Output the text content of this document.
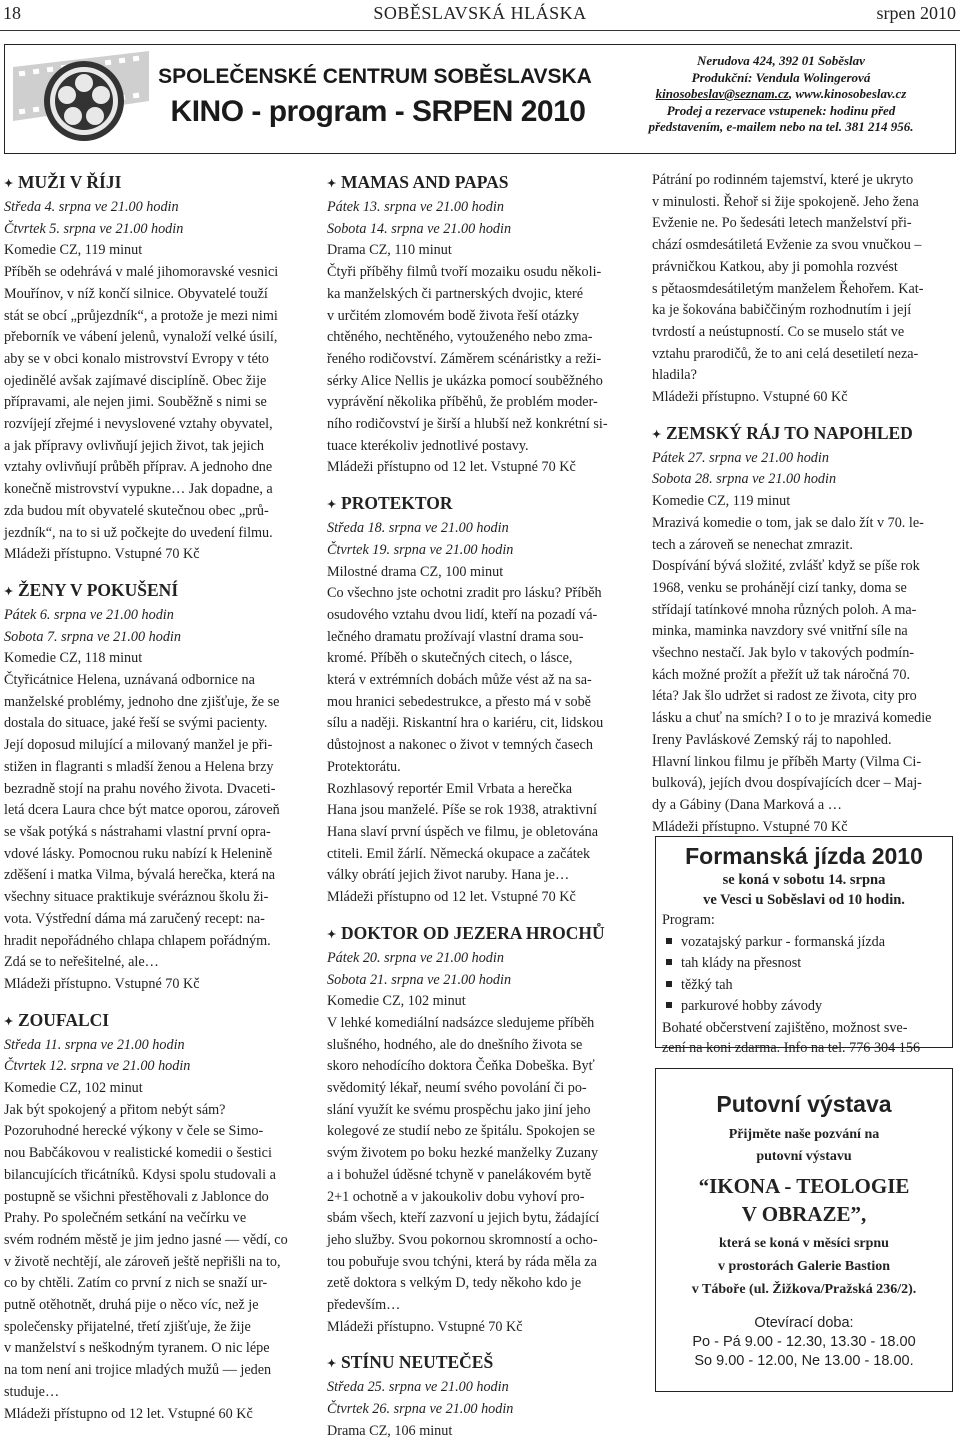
18	SOBĚSLAVSKÁ HLÁSKA	srpen 2010
SPOLEČENSKÉ CENTRUM SOBĚSLAVSKA
KINO - program - SRPEN 2010
Nerudova 424, 392 01 Soběslav
Produkční: Vendula Wolingerová
kinosobeslav@seznam.cz, www.kinosobeslav.cz
Prodej a rezervace vstupenek: hodinu před
představením, e-mailem nebo na tel. 381 214 956.
✦ MUŽI V ŘÍJI
Středa 4. srpna ve 21.00 hodin
Čtvrtek 5. srpna ve 21.00 hodin
Komedie CZ, 119 minut
Příběh se odehrává v malé jihomoravské vesnici
Mouřínov, v níž končí silnice. Obyvatelé touží
stát se obcí „průjezdník“, a protože je mezi nimi
přeborník ve vábení jelenů, vynaloží velké úsilí,
aby se v obci konalo mistrovství Evropy v této
ojedinělé avšak zajímavé disciplíně. Obec žije
přípravami, ale nejen jimi. Souběžně s nimi se
rozvíjejí zřejmé i nevyslovené vztahy obyvatel,
a jak přípravy ovlivňují jejich život, tak jejich
vztahy ovlivňují průběh příprav. A jednoho dne
konečně mistrovství vypukne… Jak dopadne, a
zda budou mít obyvatelé skutečnou obec „prů-
jezdník“, na to si už počkejte do uvedení filmu.
Mládeži přístupno. Vstupné 70 Kč
✦ ŽENY V POKUŠENÍ
Pátek 6. srpna ve 21.00 hodin
Sobota 7. srpna ve 21.00 hodin
Komedie CZ, 118 minut
Čtyřicátnice Helena, uznávaná odbornice na
manželské problémy, jednoho dne zjišťuje, že se
dostala do situace, jaké řeší se svými pacienty.
Její doposud milující a milovaný manžel je při-
stižen in flagranti s mladší ženou a Helena brzy
bezradně stojí na prahu nového života. Dvaceti-
letá dcera Laura chce být matce oporou, zároveň
se však potýká s nástrahami vlastní první opra-
vdové lásky. Pomocnou ruku nabízí k Helenině
zděšení i matka Vilma, bývalá herečka, která na
všechny situace praktikuje svéráznou školu ži-
vota. Výstřední dáma má zaručený recept: na-
hradit nepořádného chlapa chlapem pořádným.
Zdá se to neřešitelné, ale…
Mládeži přístupno. Vstupné 70 Kč
✦ ZOUFALCI
Středa 11. srpna ve 21.00 hodin
Čtvrtek 12. srpna ve 21.00 hodin
Komedie CZ, 102 minut
Jak být spokojený a přitom nebýt sám?
Pozoruhodné herecké výkony v čele se Simo-
nou Babčákovou v realistické komedii o šestici
bilancujících třicátníků. Kdysi spolu studovali a
postupně se všichni přestěhovali z Jablonce do
Prahy. Po společném setkání na večírku ve
svém rodném městě je jim jedno jasné — vědí, co
v životě nechtějí, ale zároveň ještě nepřišli na to,
co by chtěli. Zatím co první z nich se snaží ur-
putně otěhotnět, druhá pije o něco víc, než je
společensky přijatelné, třetí zjišťuje, že žije
v manželství s neškodným tyranem. O nic lépe
na tom není ani trojice mladých mužů — jeden
studuje…
Mládeži přístupno od 12 let. Vstupné 60 Kč
✦ MAMAS AND PAPAS
Pátek 13. srpna ve 21.00 hodin
Sobota 14. srpna ve 21.00 hodin
Drama CZ, 110 minut
Čtyři příběhy filmů tvoří mozaiku osudu několi-
ka manželských či partnerských dvojic, které
v určitém zlomovém bodě života řeší otázky
chtěného, nechtěného, vytouženého nebo zma-
řeného rodičovství. Záměrem scénáristky a reži-
sérky Alice Nellis je ukázka pomocí souběžného
vyprávění několika příběhů, že problém moder-
ního rodičovství je širší a hlubší než konkrétní si-
tuace kterékoliv jednotlivé postavy.
Mládeži přístupno od 12 let. Vstupné 70 Kč
✦ PROTEKTOR
Středa 18. srpna ve 21.00 hodin
Čtvrtek 19. srpna ve 21.00 hodin
Milostné drama CZ, 100 minut
Co všechno jste ochotni zradit pro lásku? Příběh
osudového vztahu dvou lidí, kteří na pozadí vá-
lečného dramatu prožívají vlastní drama sou-
kromé. Příběh o skutečných citech, o lásce,
která v extrémních dobách může vést až na sa-
mou hranici sebedestrukce, a přesto má v sobě
sílu a naději. Riskantní hra o kariéru, cit, lidskou
důstojnost a nakonec o život v temných časech
Protektorátu.
Rozhlasový reportér Emil Vrbata a herečka
Hana jsou manželé. Píše se rok 1938, atraktivní
Hana slaví první úspěch ve filmu, je obletována
ctiteli. Emil žárlí. Německá okupace a začátek
války obrátí jejich život naruby. Hana je…
Mládeži přístupno od 12 let. Vstupné 70 Kč
✦ DOKTOR OD JEZERA HROCHŮ
Pátek 20. srpna ve 21.00 hodin
Sobota 21. srpna ve 21.00 hodin
Komedie CZ, 102 minut
V lehké komediální nadsázce sledujeme příběh
slušného, hodného, ale do dnešního života se
skoro nehodícího doktora Čeňka Dobeška. Byť
svědomitý lékař, neumí svého povolání či po-
slání využít ke svému prospěchu jako jiní jeho
kolegové ze studií nebo ze špitálu. Spokojen se
svým životem po boku hezké manželky Zuzany
a i bohužel úděsné tchyně v panelákovém bytě
2+1 ochotně a v jakoukoliv dobu vyhoví pro-
sbám všech, kteří zazvoní u jejich bytu, žádající
jeho služby. Svou pokornou skromností a ocho-
tou pobuřuje svou tchýni, která by ráda měla za
zetě doktora s velkým D, tedy někoho kdo je
především…
Mládeži přístupno. Vstupné 70 Kč
✦ STÍNU NEUTEČEŠ
Středa 25. srpna ve 21.00 hodin
Čtvrtek 26. srpna ve 21.00 hodin
Drama CZ, 106 minut
Pátrání po rodinném tajemství, které je ukryto
v minulosti. Řehoř si žije spokojeně. Jeho žena
Evženie ne. Po šedesáti letech manželství při-
chází osmdesátiletá Evženie za svou vnučkou –
právničkou Katkou, aby ji pomohla rozvést
s pětaosmdesátiletým manželem Řehořem. Kat-
ka je šokována babiččiným rozhodnutím i její
tvrdostí a neústupností. Co se muselo stát ve
vztahu prarodičů, že to ani celá desetiletí neza-
hladila?
Mládeži přístupno. Vstupné 60 Kč
✦ ZEMSKÝ RÁJ TO NAPOHLED
Pátek 27. srpna ve 21.00 hodin
Sobota 28. srpna ve 21.00 hodin
Komedie CZ, 119 minut
Mrazivá komedie o tom, jak se dalo žít v 70. le-
tech a zároveň se nenechat zmrazit.
Dospívání bývá složité, zvlášť když se píše rok
1968, venku se prohánějí cizí tanky, doma se
střídají tatínkové mnoha různých poloh. A ma-
minka, maminka navzdory své vnitřní síle na
všechno nestačí. Jak bylo v takových podmín-
kách možné prožít a přežít už tak náročná 70.
léta? Jak šlo udržet si radost ze života, city pro
lásku a chuť na smích? I o to je mrazivá komedie
Ireny Pavláskové Zemský ráj to napohled.
Hlavní linkou filmu je příběh Marty (Vilma Ci-
bulková), jejích dvou dospívajících dcer – Maj-
dy a Gábiny (Dana Marková a …
Mládeži přístupno. Vstupné 70 Kč
Formanská jízda 2010
se koná v sobotu 14. srpna
ve Vesci u Soběslavi od 10 hodin.
Program:
vozatajský parkur - formanská jízda
tah klády na přesnost
těžký tah
parkurové hobby závody
Bohaté občerstvení zajištěno, možnost sve-
zení na koni zdarma. Info na tel. 776 304 156
Putovní výstava
Přijměte naše pozvání na
putovní výstavu
“IKONA - TEOLOGIE
V OBRAZE”,
která se koná v měsíci srpnu
v prostorách Galerie Bastion
v Táboře (ul. Žižkova/Pražská 236/2).
Otevírací doba:
Po - Pá 9.00 - 12.30, 13.30 - 18.00
So 9.00 - 12.00, Ne 13.00 - 18.00.
